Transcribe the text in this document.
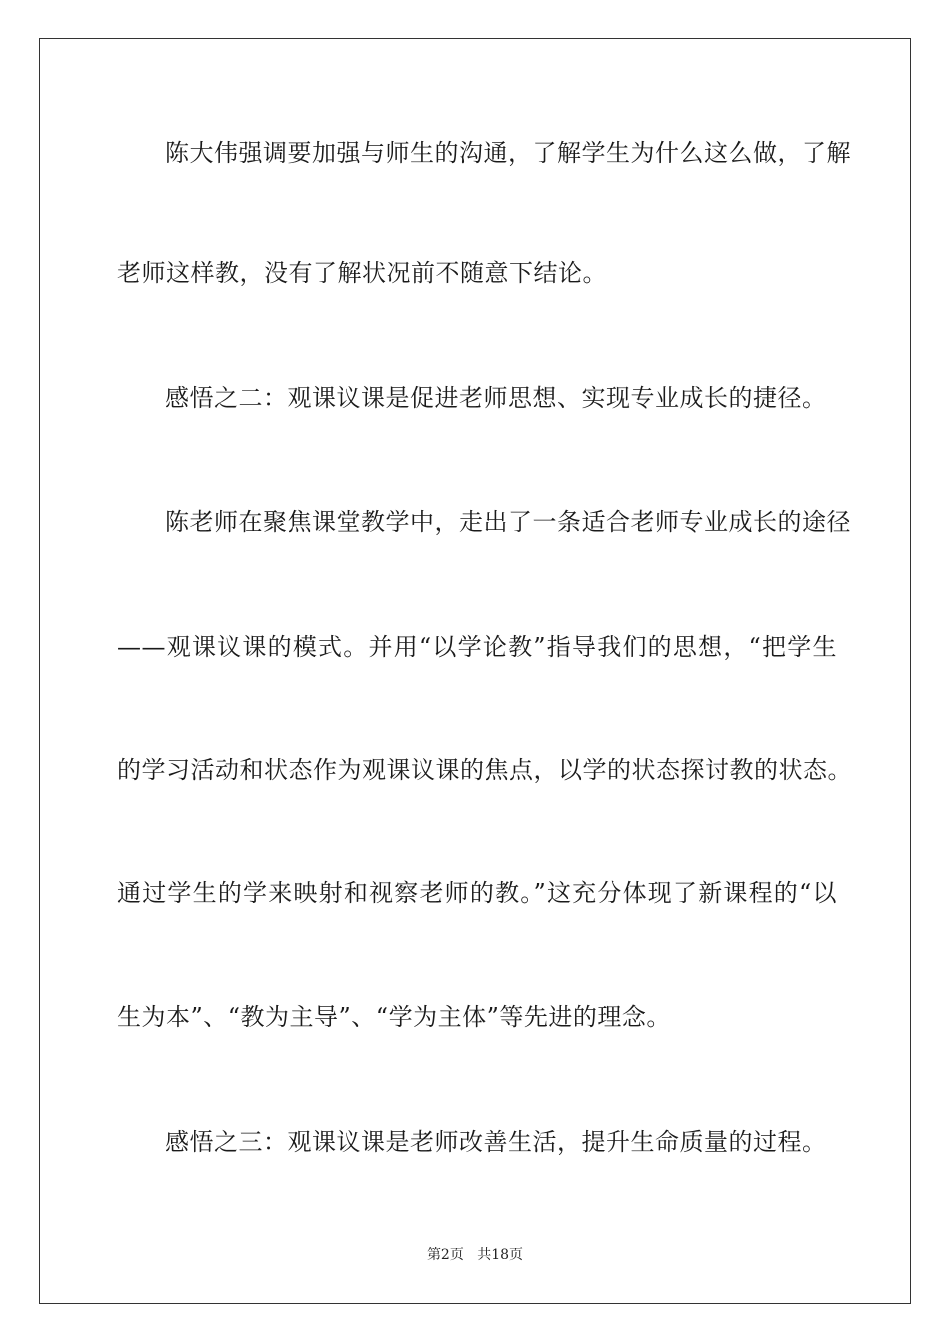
陈大伟强调要加强与师生的沟通，了解学生为什么这么做，了解
老师这样教，没有了解状况前不随意下结论。
感悟之二：观课议课是促进老师思想、实现专业成长的捷径。
陈老师在聚焦课堂教学中，走出了一条适合老师专业成长的途径
——观课议课的模式。并用“以学论教”指导我们的思想，“把学生
的学习活动和状态作为观课议课的焦点，以学的状态探讨教的状态。
通过学生的学来映射和视察老师的教。”这充分体现了新课程的“以
生为本”、“教为主导”、“学为主体”等先进的理念。
感悟之三：观课议课是老师改善生活，提升生命质量的过程。
第2页 共18页
